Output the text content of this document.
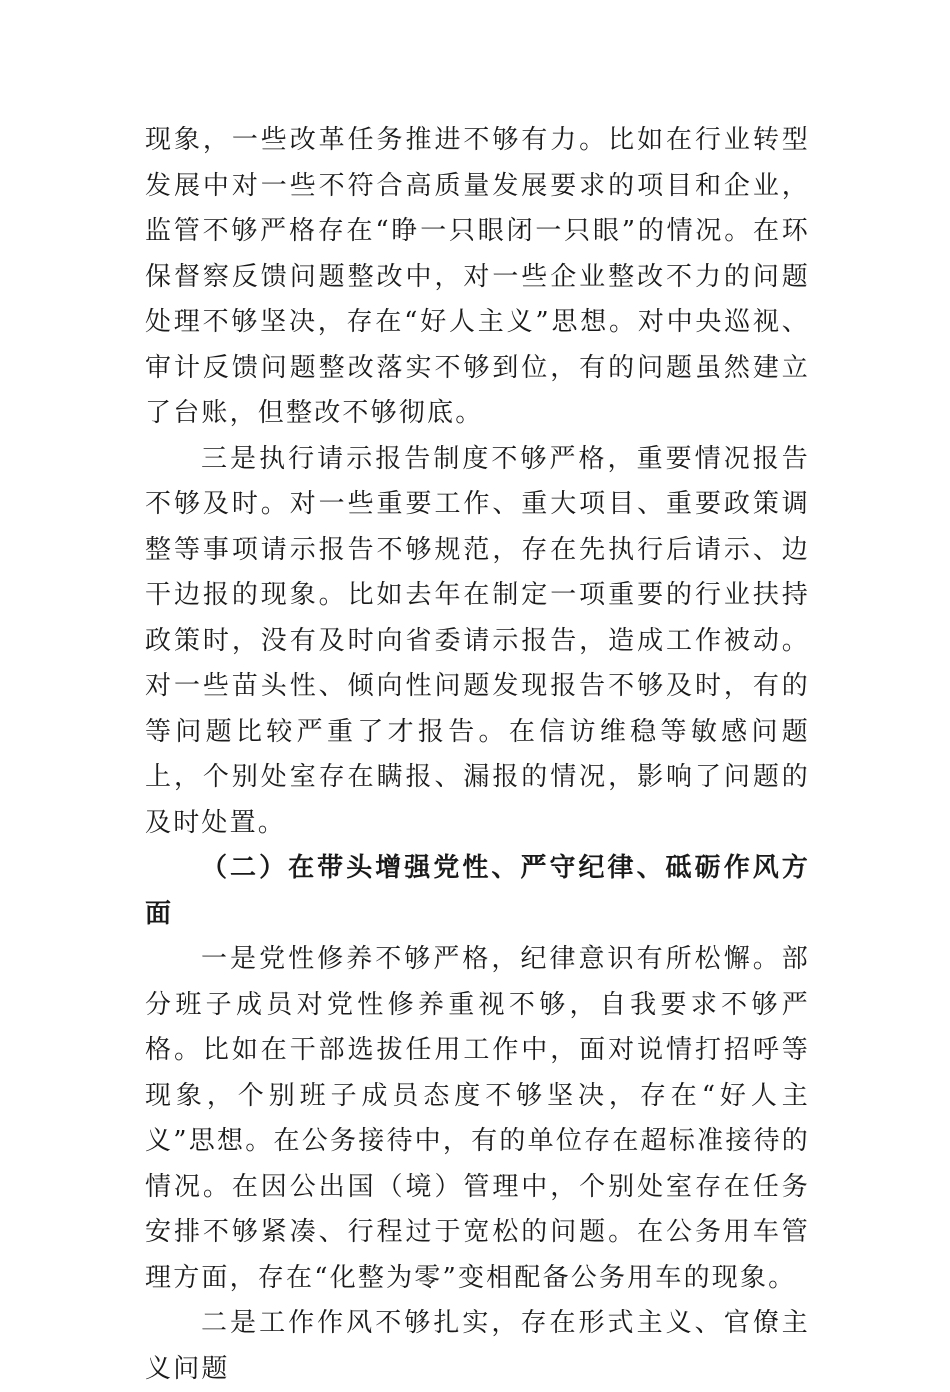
现象，一些改革任务推进不够有力。比如在行业转型发展中对一些不符合高质量发展要求的项目和企业，监管不够严格存在“睁一只眼闭一只眼”的情况。在环保督察反馈问题整改中，对一些企业整改不力的问题处理不够坚决，存在“好人主义”思想。对中央巡视、审计反馈问题整改落实不够到位，有的问题虽然建立了台账，但整改不够彻底。

三是执行请示报告制度不够严格，重要情况报告不够及时。对一些重要工作、重大项目、重要政策调整等事项请示报告不够规范，存在先执行后请示、边干边报的现象。比如去年在制定一项重要的行业扶持政策时，没有及时向省委请示报告，造成工作被动。对一些苗头性、倾向性问题发现报告不够及时，有的等问题比较严重了才报告。在信访维稳等敏感问题上，个别处室存在瞒报、漏报的情况，影响了问题的及时处置。

（二）在带头增强党性、严守纪律、砥砺作风方面

一是党性修养不够严格，纪律意识有所松懈。部分班子成员对党性修养重视不够，自我要求不够严格。比如在干部选拔任用工作中，面对说情打招呼等现象，个别班子成员态度不够坚决，存在“好人主义”思想。在公务接待中，有的单位存在超标准接待的情况。在因公出国（境）管理中，个别处室存在任务安排不够紧凑、行程过于宽松的问题。在公务用车管理方面，存在“化整为零”变相配备公务用车的现象。

二是工作作风不够扎实，存在形式主义、官僚主义问题
